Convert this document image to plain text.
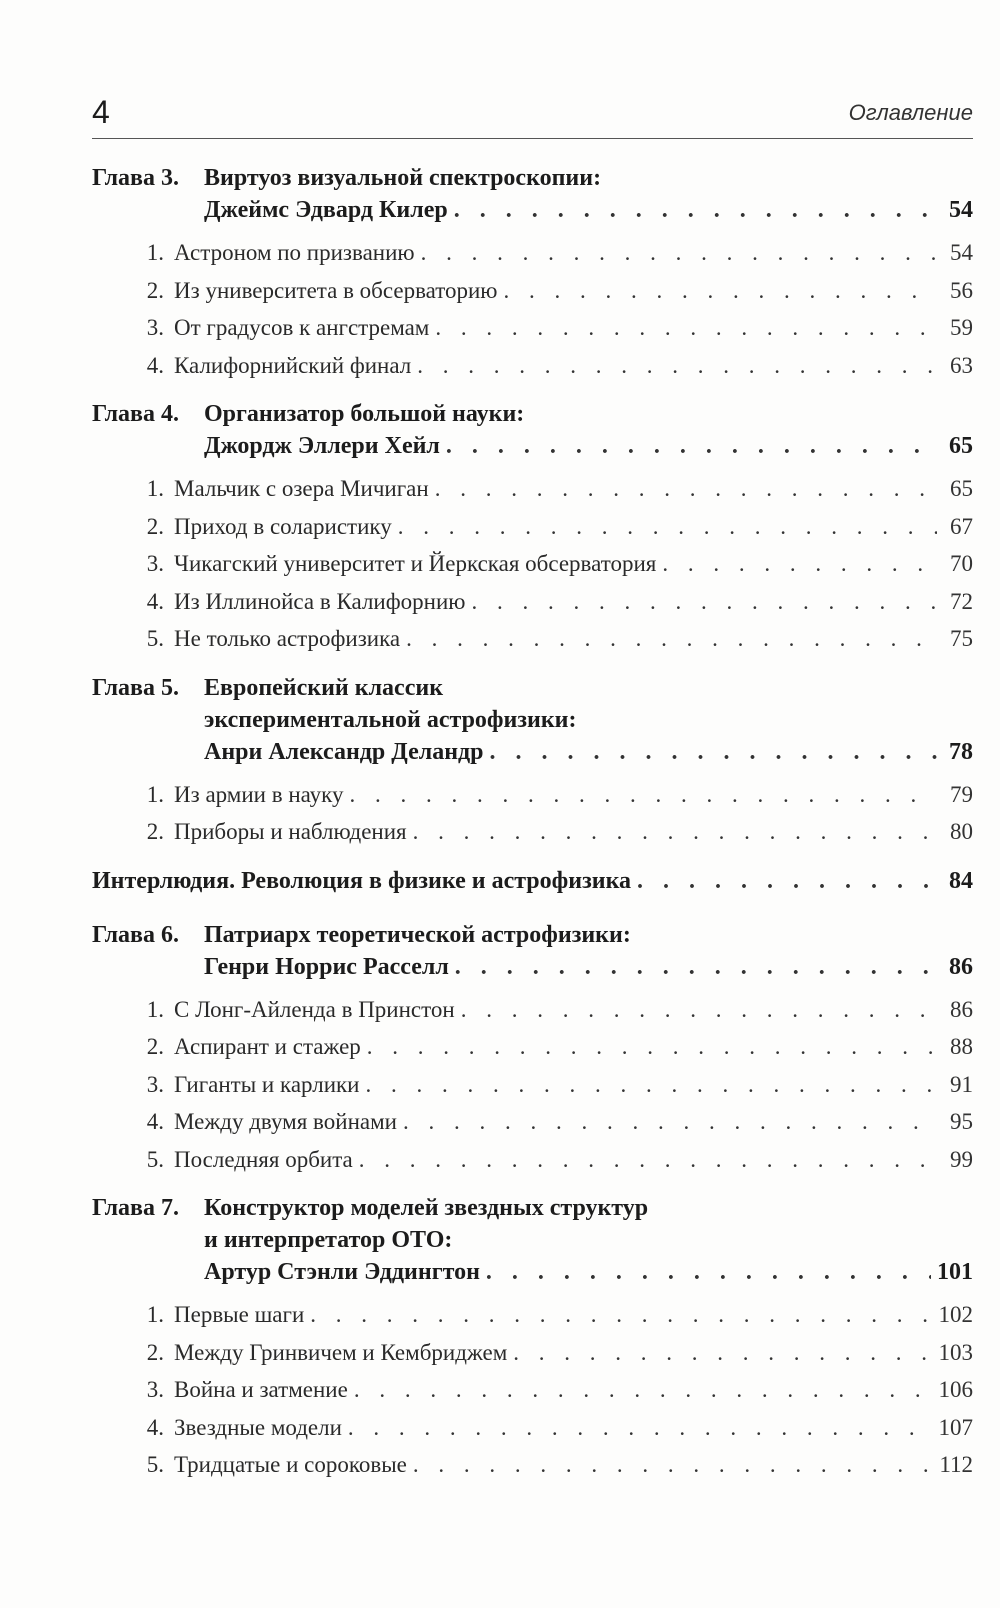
4	Оглавление
Глава 3. Виртуоз визуальной спектроскопии:
Джеймс Эдвард Килер . . .	54
1. Астроном по призванию . . .	54
2. Из университета в обсерваторию . . .	56
3. От градусов к ангстремам . . .	59
4. Калифорнийский финал . . .	63
Глава 4. Организатор большой науки:
Джордж Эллери Хейл . . .	65
1. Мальчик с озера Мичиган . . .	65
2. Приход в соларистику . . .	67
3. Чикагский университет и Йеркская обсерватория . . .	70
4. Из Иллинойса в Калифорнию . . .	72
5. Не только астрофизика . . .	75
Глава 5. Европейский классик
экспериментальной астрофизики:
Анри Александр Деландр . . .	78
1. Из армии в науку . . .	79
2. Приборы и наблюдения . . .	80
Интерлюдия. Революция в физике и астрофизика . . .	84
Глава 6. Патриарх теоретической астрофизики:
Генри Норрис Расселл . . .	86
1. С Лонг-Айленда в Принстон . . .	86
2. Аспирант и стажер . . .	88
3. Гиганты и карлики . . .	91
4. Между двумя войнами . . .	95
5. Последняя орбита . . .	99
Глава 7. Конструктор моделей звездных структур
и интерпретатор ОТО:
Артур Стэнли Эддингтон . . .	101
1. Первые шаги . . .	102
2. Между Гринвичем и Кембриджем . . .	103
3. Война и затмение . . .	106
4. Звездные модели . . .	107
5. Тридцатые и сороковые . . .	112
